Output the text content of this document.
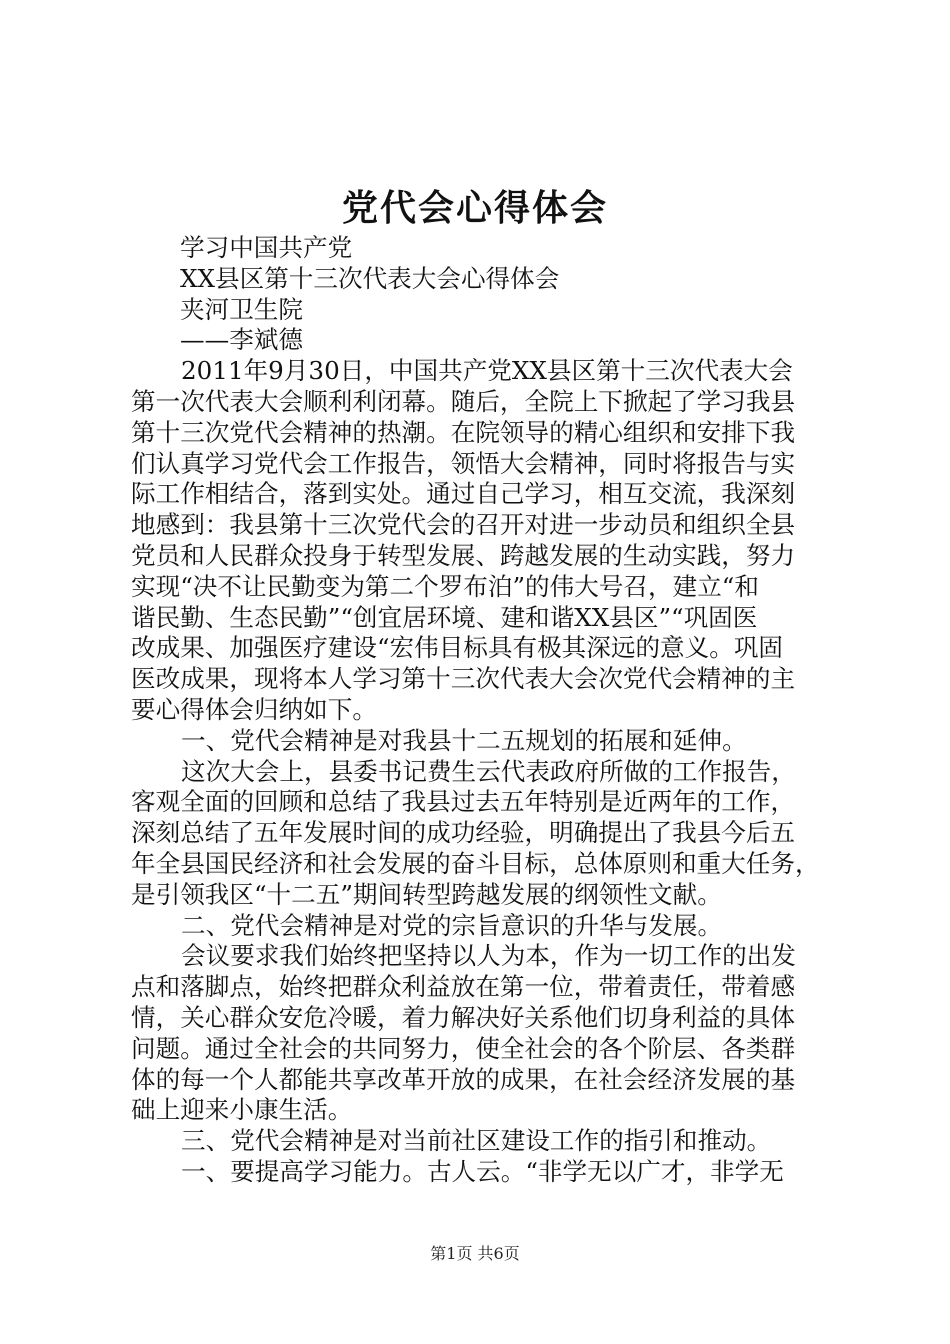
党代会心得体会
学习中国共产党
XX县区第十三次代表大会心得体会
夹河卫生院
——李斌德
2011年9月30日，中国共产党XX县区第十三次代表大会
第一次代表大会顺利利闭幕。随后，全院上下掀起了学习我县
第十三次党代会精神的热潮。在院领导的精心组织和安排下我
们认真学习党代会工作报告，领悟大会精神，同时将报告与实
际工作相结合，落到实处。通过自己学习，相互交流，我深刻
地感到：我县第十三次党代会的召开对进一步动员和组织全县
党员和人民群众投身于转型发展、跨越发展的生动实践，努力
实现“决不让民勤变为第二个罗布泊”的伟大号召，建立“和
谐民勤、生态民勤”“创宜居环境、建和谐XX县区”“巩固医
改成果、加强医疗建设“宏伟目标具有极其深远的意义。巩固
医改成果，现将本人学习第十三次代表大会次党代会精神的主
要心得体会归纳如下。
一、党代会精神是对我县十二五规划的拓展和延伸。
这次大会上，县委书记费生云代表政府所做的工作报告，
客观全面的回顾和总结了我县过去五年特别是近两年的工作，
深刻总结了五年发展时间的成功经验，明确提出了我县今后五
年全县国民经济和社会发展的奋斗目标，总体原则和重大任务，
是引领我区“十二五”期间转型跨越发展的纲领性文献。
二、党代会精神是对党的宗旨意识的升华与发展。
会议要求我们始终把坚持以人为本，作为一切工作的出发
点和落脚点，始终把群众利益放在第一位，带着责任，带着感
情，关心群众安危冷暖，着力解决好关系他们切身利益的具体
问题。通过全社会的共同努力，使全社会的各个阶层、各类群
体的每一个人都能共享改革开放的成果，在社会经济发展的基
础上迎来小康生活。
三、党代会精神是对当前社区建设工作的指引和推动。
一、要提高学习能力。古人云。“非学无以广才，非学无
第1页 共6页
